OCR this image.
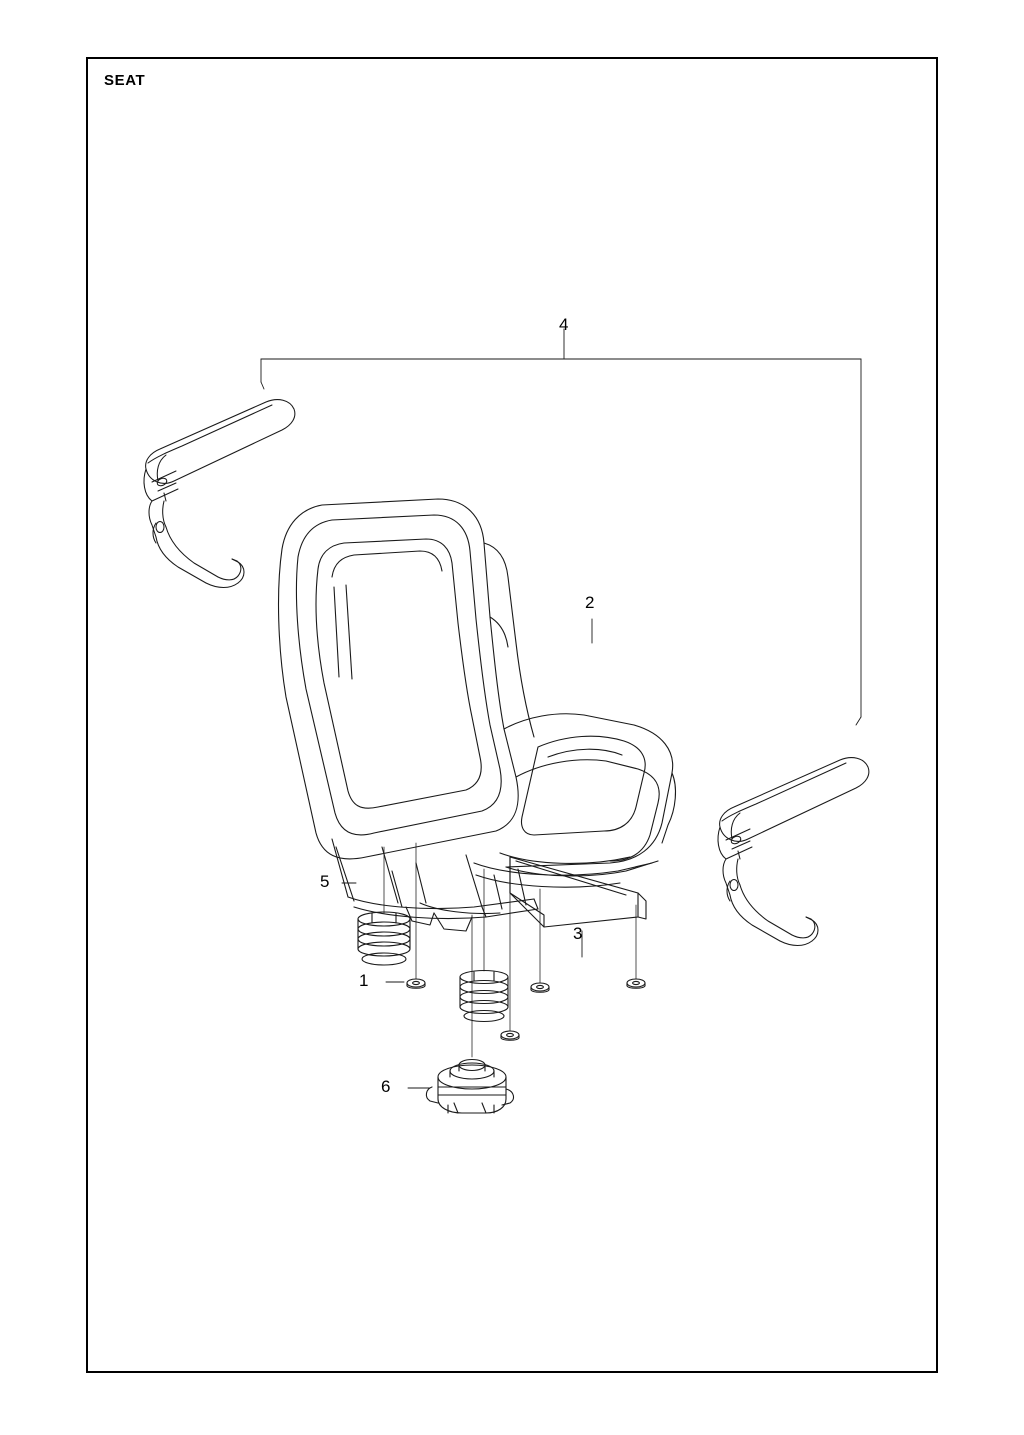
SEAT
1
2
3
4
5
6
